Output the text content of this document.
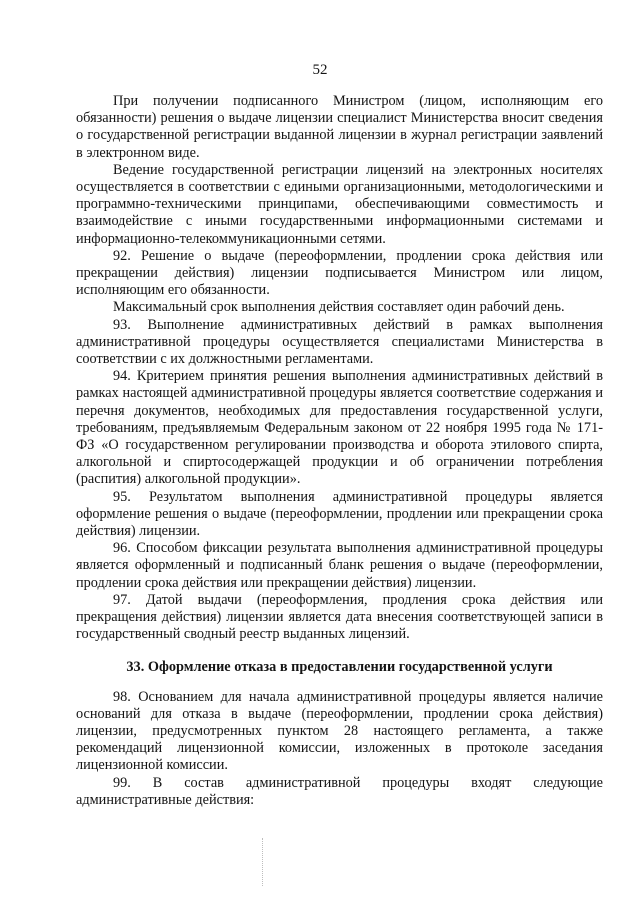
52

При получении подписанного Министром (лицом, исполняющим его обязанности) решения о выдаче лицензии специалист Министерства вносит сведения о государственной регистрации выданной лицензии в журнал регистрации заявлений в электронном виде.

Ведение государственной регистрации лицензий на электронных носителях осуществляется в соответствии с едиными организационными, методологическими и программно-техническими принципами, обеспечивающими совместимость и взаимодействие с иными государственными информационными системами и информационно-телекоммуникационными сетями.

92. Решение о выдаче (переоформлении, продлении срока действия или прекращении действия) лицензии подписывается Министром или лицом, исполняющим его обязанности.

Максимальный срок выполнения действия составляет один рабочий день.

93. Выполнение административных действий в рамках выполнения административной процедуры осуществляется специалистами Министерства в соответствии с их должностными регламентами.

94. Критерием принятия решения выполнения административных действий в рамках настоящей административной процедуры является соответствие содержания и перечня документов, необходимых для предоставления государственной услуги, требованиям, предъявляемым Федеральным законом от 22 ноября 1995 года № 171-ФЗ «О государственном регулировании производства и оборота этилового спирта, алкогольной и спиртосодержащей продукции и об ограничении потребления (распития) алкогольной продукции».

95. Результатом выполнения административной процедуры является оформление решения о выдаче (переоформлении, продлении или прекращении срока действия) лицензии.

96. Способом фиксации результата выполнения административной процедуры является оформленный и подписанный бланк решения о выдаче (переоформлении, продлении срока действия или прекращении действия) лицензии.

97. Датой выдачи (переоформления, продления срока действия или прекращения действия) лицензии является дата внесения соответствующей записи в государственный сводный реестр выданных лицензий.

33. Оформление отказа в предоставлении государственной услуги

98. Основанием для начала административной процедуры является наличие оснований для отказа в выдаче (переоформлении, продлении срока действия) лицензии, предусмотренных пунктом 28 настоящего регламента, а также рекомендаций лицензионной комиссии, изложенных в протоколе заседания лицензионной комиссии.

99. В состав административной процедуры входят следующие административные действия:
